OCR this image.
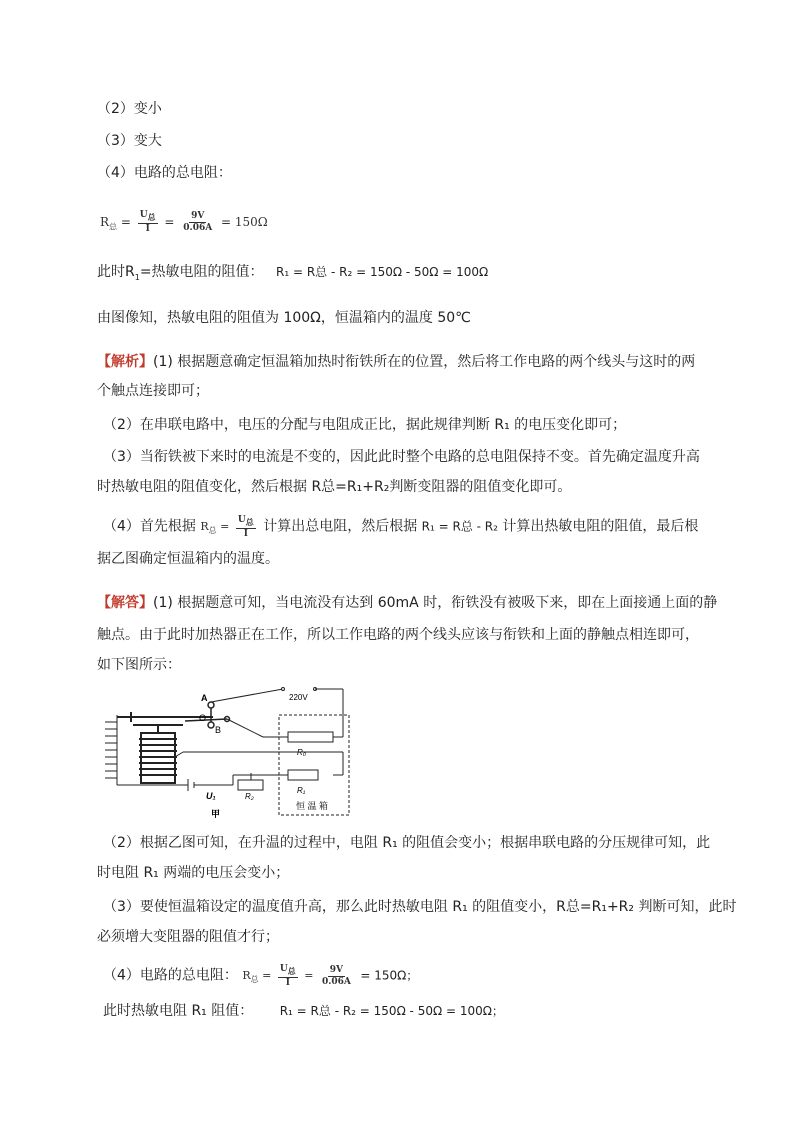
（2）变小
（3）变大
（4）电路的总电阻：
$R_总 = \frac{\text{U总}}{I} = \frac{9V}{0.06A} = 150\Omega$
此时$R_1=$热敏电阻的阻值： R₁ = R总 - R₂ = 150Ω - 50Ω = 100Ω
由图像知，热敏电阻的阻值为 100Ω，恒温箱内的温度 50℃
【解析】(1) 根据题意确定恒温箱加热时衔铁所在的位置，然后将工作电路的两个线头与这时的两
个触点连接即可；
（2）在串联电路中，电压的分配与电阻成正比，据此规律判断 R₁ 的电压变化即可；
（3）当衔铁被下来时的电流是不变的，因此此时整个电路的总电阻保持不变。首先确定温度升高
时热敏电阻的阻值变化，然后根据 R总=R₁+R₂判断变阻器的阻值变化即可。
（4）首先根据 $R_总 = \frac{\text{U总}}{I}$ 计算出总电阻，然后根据 R₁ = R总 - R₂ 计算出热敏电阻的阻值，最后根
据乙图确定恒温箱内的温度。
【解答】(1) 根据题意可知，当电流没有达到 60mA 时，衔铁没有被吸下来，即在上面接通上面的静
触点。由于此时加热器正在工作，所以工作电路的两个线头应该与衔铁和上面的静触点相连即可，
如下图所示：
A
O
B
220V
R₀
U₁	R₂
R₁
恒 温 箱
甲
（2）根据乙图可知，在升温的过程中，电阻 R₁ 的阻值会变小；根据串联电路的分压规律可知，此
时电阻 R₁ 两端的电压会变小；
（3）要使恒温箱设定的温度值升高，那么此时热敏电阻 R₁ 的阻值变小，R总=R₁+R₂ 判断可知，此时
必须增大变阻器的阻值才行；
（4）电路的总电阻： $R_总 = \frac{\text{U总}}{I} = \frac{9V}{0.06A} = 150\Omega$；
此时热敏电阻 R₁ 阻值： R₁ = R总 - R₂ = 150Ω - 50Ω = 100Ω；
